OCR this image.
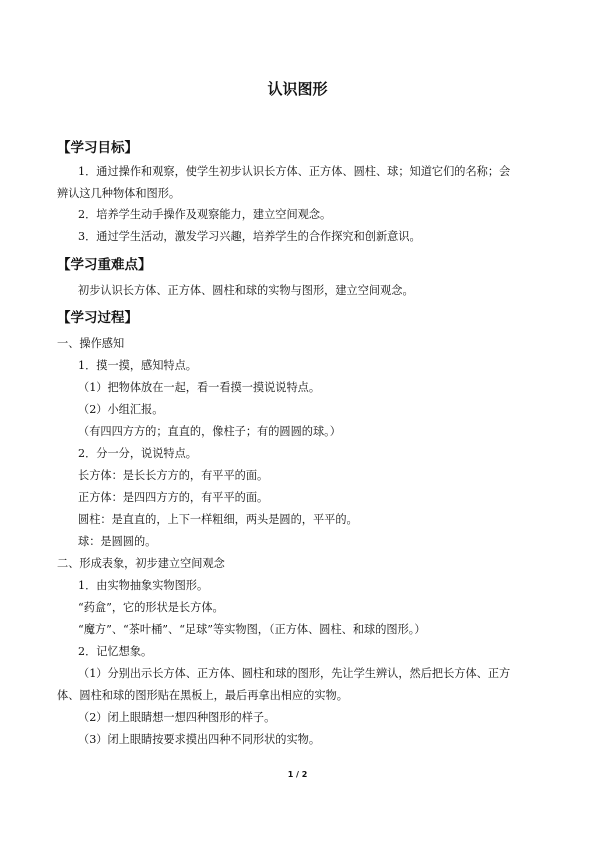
认识图形
【学习目标】
1．通过操作和观察，使学生初步认识长方体、正方体、圆柱、球；知道它们的名称；会
辨认这几种物体和图形。
2．培养学生动手操作及观察能力，建立空间观念。
3．通过学生活动，激发学习兴趣，培养学生的合作探究和创新意识。
【学习重难点】
初步认识长方体、正方体、圆柱和球的实物与图形，建立空间观念。
【学习过程】
一、操作感知
1．摸一摸，感知特点。
（1）把物体放在一起，看一看摸一摸说说特点。
（2）小组汇报。
（有四四方方的；直直的，像柱子；有的圆圆的球。）
2．分一分，说说特点。
长方体：是长长方方的，有平平的面。
正方体：是四四方方的，有平平的面。
圆柱：是直直的，上下一样粗细，两头是圆的，平平的。
球：是圆圆的。
二、形成表象，初步建立空间观念
1．由实物抽象实物图形。
“药盒”，它的形状是长方体。
“魔方”、“茶叶桶”、“足球”等实物图，（正方体、圆柱、和球的图形。）
2．记忆想象。
（1）分别出示长方体、正方体、圆柱和球的图形，先让学生辨认，然后把长方体、正方
体、圆柱和球的图形贴在黑板上，最后再拿出相应的实物。
（2）闭上眼睛想一想四种图形的样子。
（3）闭上眼睛按要求摸出四种不同形状的实物。
1 / 2
